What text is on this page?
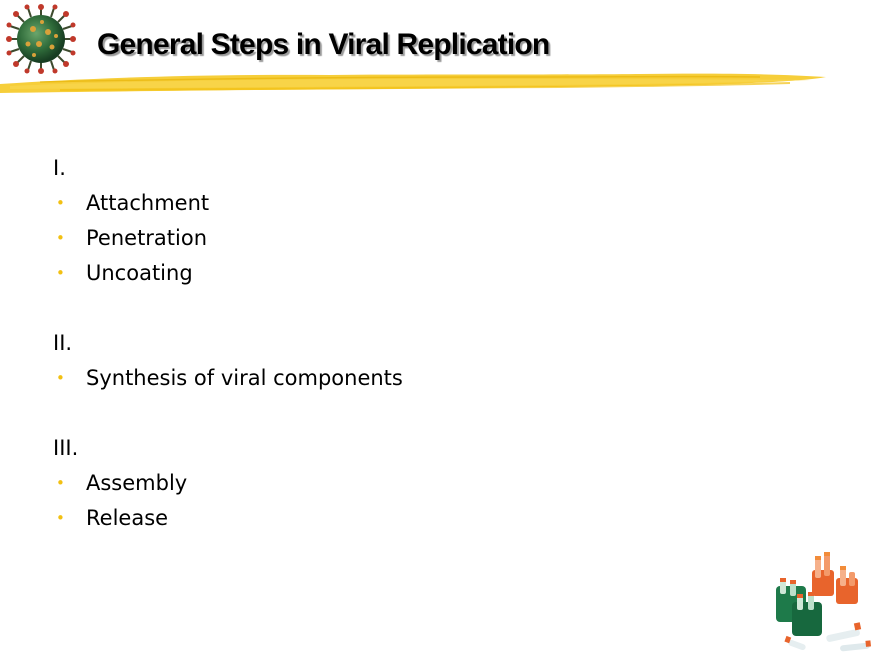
General Steps in Viral Replication
I.
• Attachment
• Penetration
• Uncoating
II.
• Synthesis of viral components
III.
• Assembly
• Release
